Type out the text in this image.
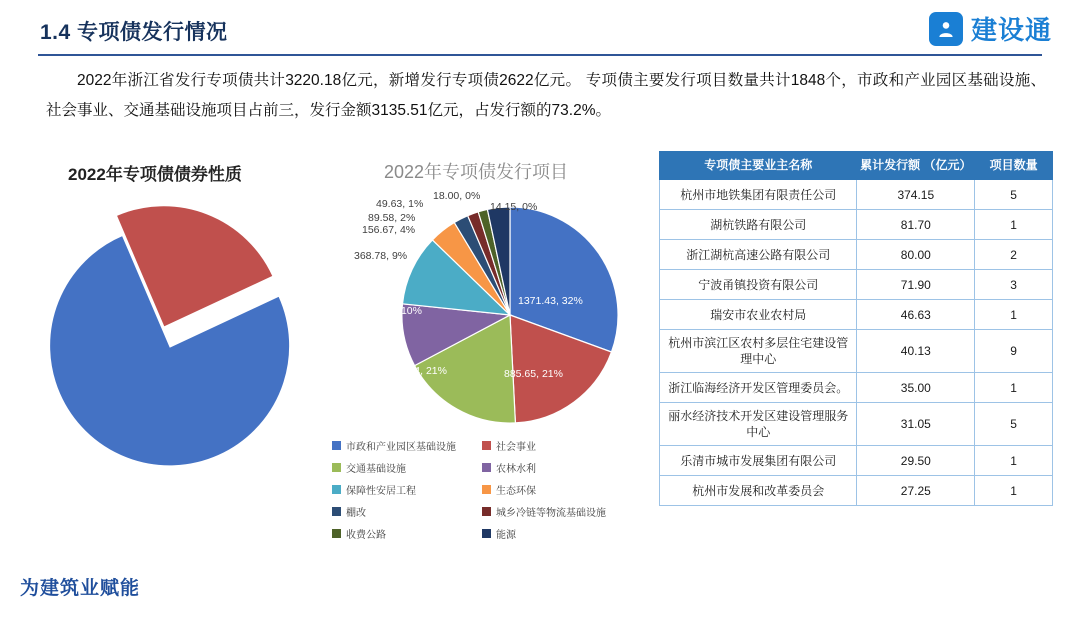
1.4 专项债发行情况	建设通
2022年浙江省发行专项债共计3220.18亿元，新增发行专项债2622亿元。 专项债主要发行项目数量共计1848个，市政和产业园区基础设施、社会事业、交通基础设施项目占前三，发行金额3135.51亿元，占发行额的73.2%。
2022年专项债债券性质
再融资, 598.18, 19%
新增, 2622, 81%
2022年专项债发行项目
1371.43, 32%
885.65, 21%
878.44, 21%
448.74, 10%
368.78, 9%
156.67, 4%
89.58, 2%
49.63, 1%
18.00, 0%
14.15, 0%
市政和产业园区基础设施	社会事业
交通基础设施	农林水利
保障性安居工程	生态环保
棚改	城乡冷链等物流基础设施
收费公路	能源
专项债主要业主名称	累计发行额 （亿元）	项目数量
杭州市地铁集团有限责任公司	374.15	5
湖杭铁路有限公司	81.70	1
浙江湖杭高速公路有限公司	80.00	2
宁波甬镇投资有限公司	71.90	3
瑞安市农业农村局	46.63	1
杭州市滨江区农村多层住宅建设管理中心	40.13	9
浙江临海经济开发区管理委员会。	35.00	1
丽水经济技术开发区建设管理服务中心	31.05	5
乐清市城市发展集团有限公司	29.50	1
杭州市发展和改革委员会	27.25	1
为建筑业赋能
